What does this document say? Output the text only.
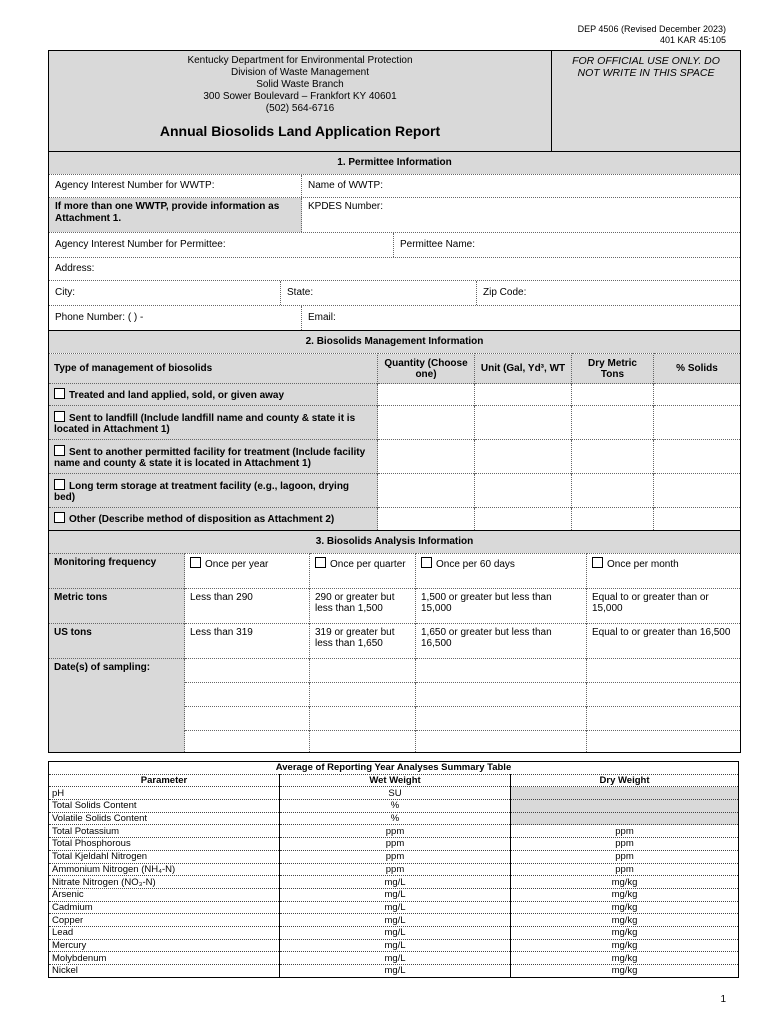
DEP 4506 (Revised December 2023)
401 KAR 45:105
Kentucky Department for Environmental Protection
Division of Waste Management
Solid Waste Branch
300 Sower Boulevard – Frankfort KY 40601
(502) 564-6716
Annual Biosolids Land Application Report
FOR OFFICIAL USE ONLY. DO NOT WRITE IN THIS SPACE
1. Permittee Information
Agency Interest Number for WWTP:	Name of WWTP:
If more than one WWTP, provide information as Attachment 1.
KPDES Number:
Agency Interest Number for Permittee:	Permittee Name:
Address:
City:	State:	Zip Code:
Phone Number: ( ) -	Email:
2. Biosolids Management Information
Type of management of biosolids	Quantity (Choose one)	Unit (Gal, Yd³, WT	Dry Metric Tons	% Solids
Treated and land applied, sold, or given away				
Sent to landfill (Include landfill name and county & state it is located in Attachment 1)				
Sent to another permitted facility for treatment (Include facility name and county & state it is located in Attachment 1)				
Long term storage at treatment facility (e.g., lagoon, drying bed)				
Other (Describe method of disposition as Attachment 2)				
3. Biosolids Analysis Information
Monitoring frequency	Once per year	Once per quarter	Once per 60 days	Once per month
Metric tons	Less than 290	290 or greater but less than 1,500	1,500 or greater but less than 15,000	Equal to or greater than or 15,000
US tons	Less than 319	319 or greater but less than 1,650	1,650 or greater but less than 16,500	Equal to or greater than 16,500
Date(s) of sampling:				

Average of Reporting Year Analyses Summary Table		
Parameter	Wet Weight	Dry Weight
pH	SU	
Total Solids Content	%	
Volatile Solids Content	%	
Total Potassium	ppm	ppm
Total Phosphorous	ppm	ppm
Total Kjeldahl Nitrogen	ppm	ppm
Ammonium Nitrogen (NH₄-N)	ppm	ppm
Nitrate Nitrogen (NO₃-N)	mg/L	mg/kg
Arsenic	mg/L	mg/kg
Cadmium	mg/L	mg/kg
Copper	mg/L	mg/kg
Lead	mg/L	mg/kg
Mercury	mg/L	mg/kg
Molybdenum	mg/L	mg/kg
Nickel	mg/L	mg/kg
1
